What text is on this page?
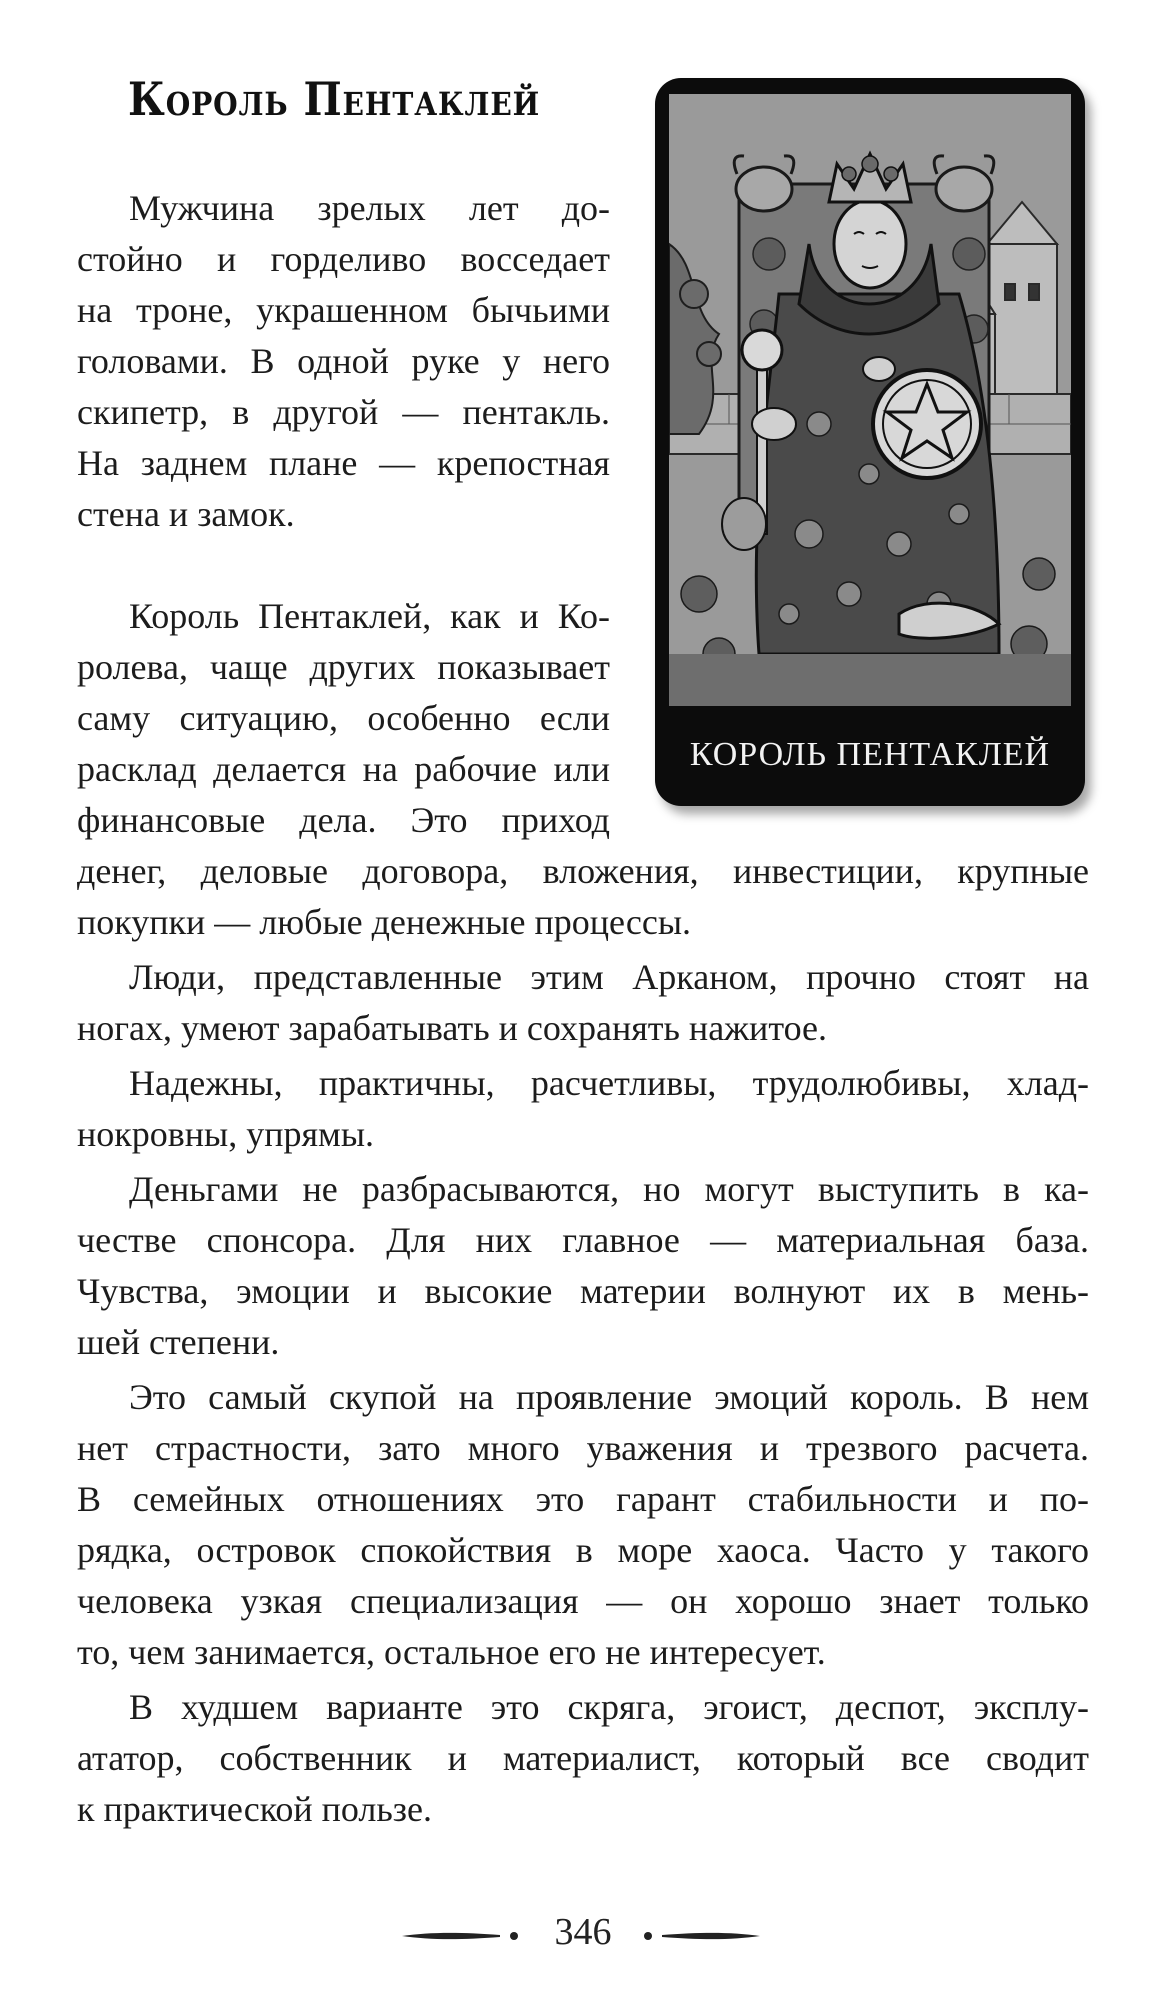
Король Пентаклей
КОРОЛЬ ПЕНТАКЛЕЙ
Мужчина зрелых лет до-
стойно и горделиво восседает
на троне, украшенном бычьими
головами. В одной руке у него
скипетр, в другой — пентакль.
На заднем плане — крепостная
стена и замок.
Король Пентаклей, как и Ко-
ролева, чаще других показывает
саму ситуацию, особенно если
расклад делается на рабочие или
финансовые дела. Это приход
денег, деловые договора, вложения, инвестиции, крупные
покупки — любые денежные процессы.
Люди, представленные этим Арканом, прочно стоят на
ногах, умеют зарабатывать и сохранять нажитое.
Надежны, практичны, расчетливы, трудолюбивы, хлад-
нокровны, упрямы.
Деньгами не разбрасываются, но могут выступить в ка-
честве спонсора. Для них главное — материальная база.
Чувства, эмоции и высокие материи волнуют их в мень-
шей степени.
Это самый скупой на проявление эмоций король. В нем
нет страстности, зато много уважения и трезвого расчета.
В семейных отношениях это гарант стабильности и по-
рядка, островок спокойствия в море хаоса. Часто у такого
человека узкая специализация — он хорошо знает только
то, чем занимается, остальное его не интересует.
В худшем варианте это скряга, эгоист, деспот, эксплу-
ататор, собственник и материалист, который все сводит
к практической пользе.
346
